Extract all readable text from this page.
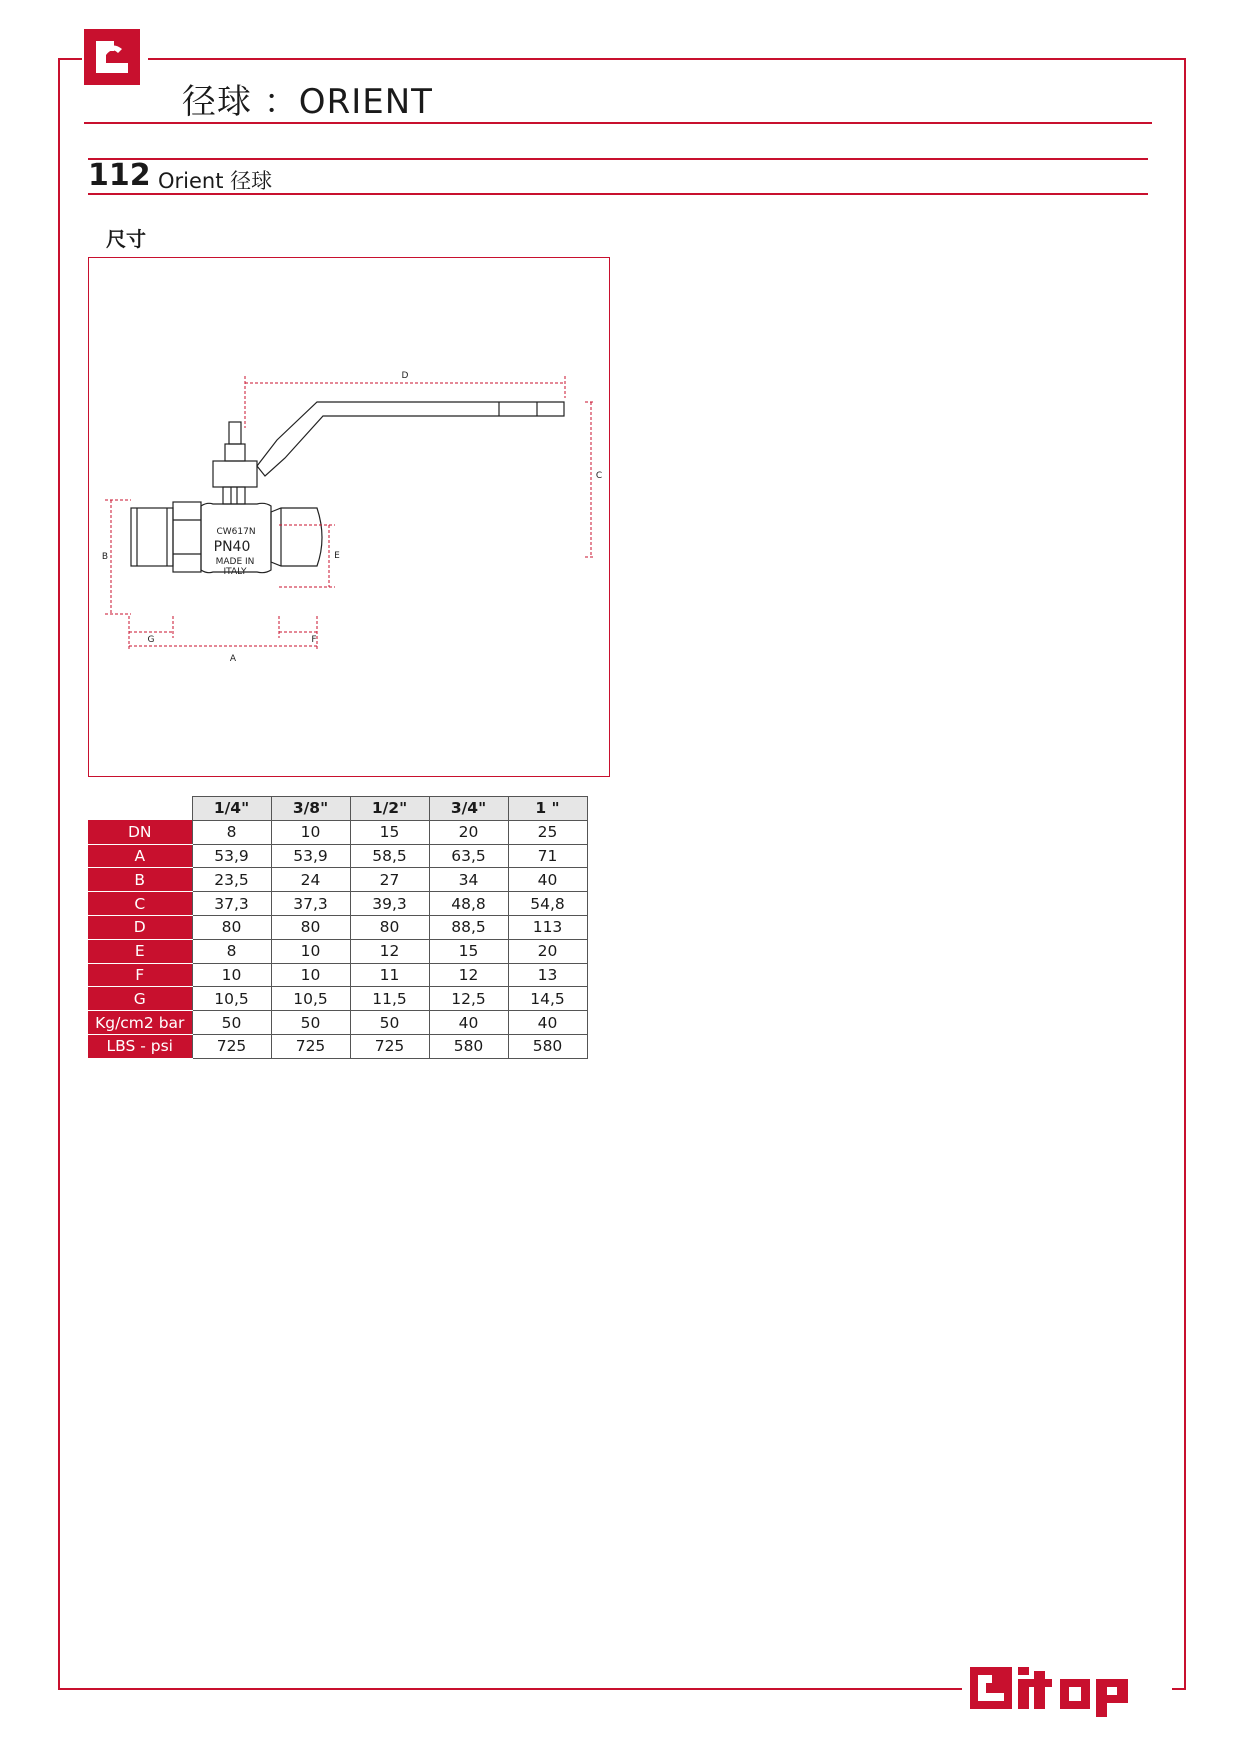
径球 ：ORIENT
112 Orient 径球
尺寸
CW617N
PN40
MADE IN
ITALY
D
C
B	E
G	F
A
	1/4"	3/8"	1/2"	3/4"	1 "
DN	8	10	15	20	25
A	53,9	53,9	58,5	63,5	71
B	23,5	24	27	34	40
C	37,3	37,3	39,3	48,8	54,8
D	80	80	80	88,5	113
E	8	10	12	15	20
F	10	10	11	12	13
G	10,5	10,5	11,5	12,5	14,5
Kg/cm2 bar	50	50	50	40	40
LBS - psi	725	725	725	580	580
